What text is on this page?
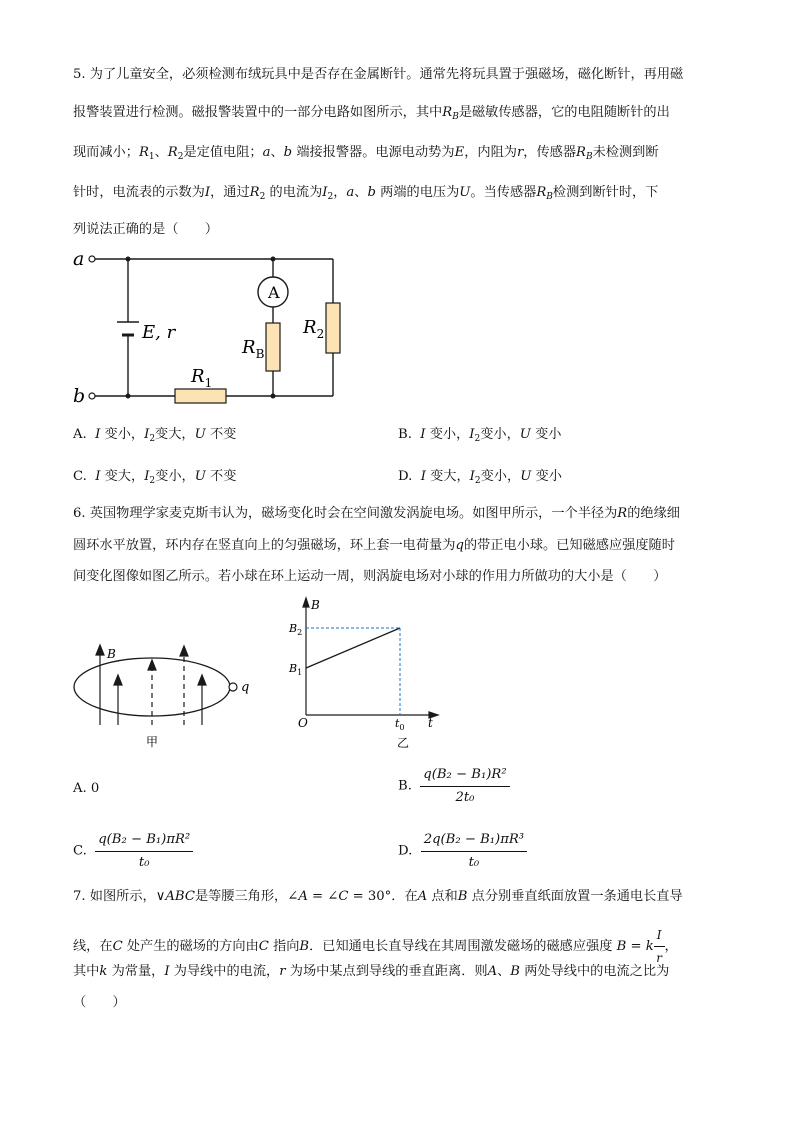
5. 为了儿童安全，必须检测布绒玩具中是否存在金属断针。通常先将玩具置于强磁场，磁化断针，再用磁
报警装置进行检测。磁报警装置中的一部分电路如图所示，其中$R_B$是磁敏传感器，它的电阻随断针的出
现而减小；$R_1$、$R_2$是定值电阻；a、b 端接报警器。电源电动势为E，内阻为r，传感器$R_B$未检测到断
针时，电流表的示数为I，通过$R_2$ 的电流为$I_2$，a、b 两端的电压为U。当传感器$R_B$检测到断针时，下
列说法正确的是（　　）
a
b
A
E, r
$R_B$
$R_2$
$R_1$
A. I 变小，$I_2$变大，U 不变	B. I 变小，$I_2$变小，U 变小
C. I 变大，$I_2$变小，U 不变	D. I 变大，$I_2$变小，U 变小
6. 英国物理学家麦克斯韦认为，磁场变化时会在空间激发涡旋电场。如图甲所示，一个半径为R的绝缘细
圆环水平放置，环内存在竖直向上的匀强磁场，环上套一电荷量为q的带正电小球。已知磁感应强度随时
间变化图像如图乙所示。若小球在环上运动一周，则涡旋电场对小球的作用力所做功的大小是（　　）
B
q
甲
B
t
O
$B_2$
$B_1$
$t_0$
乙
A. 0	B. $\frac{\text{q(B₂ − B₁)R²}}{\text{2t₀}}$
C. $\frac{\text{q(B₂ − B₁)πR²}}{\text{t₀}}$	D. $\frac{\text{2q(B₂ − B₁)πR³}}{\text{t₀}}$
7. 如图所示，∨ABC是等腰三角形，∠A = ∠C = 30°．在A 点和B 点分别垂直纸面放置一条通电长直导
线，在C 处产生的磁场的方向由C 指向B．已知通电长直导线在其周围激发磁场的磁感应强度 B = k $\frac{I}{r}$ ，
其中k 为常量，I 为导线中的电流，r 为场中某点到导线的垂直距离．则A、B 两处导线中的电流之比为
（　　）
